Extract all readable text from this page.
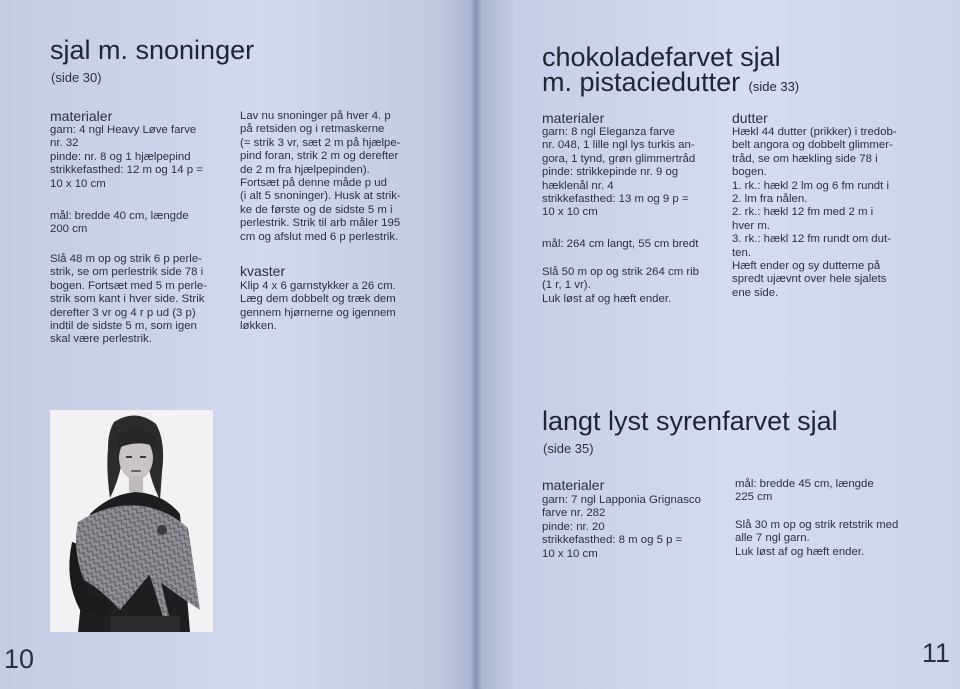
sjal m. snoninger
(side 30)
materialer
garn: 4 ngl Heavy Løve farve
nr. 32
pinde: nr. 8 og 1 hjælpepind
strikkefasthed: 12 m og 14 p =
10 x 10 cm
mål: bredde 40 cm, længde
200 cm
Slå 48 m op og strik 6 p perle-
strik, se om perlestrik side 78 i
bogen. Fortsæt med 5 m perle-
strik som kant i hver side. Strik
derefter 3 vr og 4 r p ud (3 p)
indtil de sidste 5 m, som igen
skal være perlestrik.
Lav nu snoninger på hver 4. p
på retsiden og i retmaskerne
(= strik 3 vr, sæt 2 m på hjælpe-
pind foran, strik 2 m og derefter
de 2 m fra hjælpepinden).
Fortsæt på denne måde p ud
(i alt 5 snoninger). Husk at strik-
ke de første og de sidste 5 m i
perlestrik. Strik til arb måler 195
cm og afslut med 6 p perlestrik.
kvaster
Klip 4 x 6 garnstykker a 26 cm.
Læg dem dobbelt og træk dem
gennem hjørnerne og igennem
løkken.
10
chokoladefarvet sjal
m. pistaciedutter (side 33)
materialer
garn: 8 ngl Eleganza farve
nr. 048, 1 lille ngl lys turkis an-
gora, 1 tynd, grøn glimmertråd
pinde: strikkepinde nr. 9 og
hæklenål nr. 4
strikkefasthed: 13 m og 9 p =
10 x 10 cm
mål: 264 cm langt, 55 cm bredt
Slå 50 m op og strik 264 cm rib
(1 r, 1 vr).
Luk løst af og hæft ender.
dutter
Hækl 44 dutter (prikker) i tredob-
belt angora og dobbelt glimmer-
tråd, se om hækling side 78 i
bogen.
1. rk.: hækl 2 lm og 6 fm rundt i
2. lm fra nålen.
2. rk.: hækl 12 fm med 2 m i
hver m.
3. rk.: hækl 12 fm rundt om dut-
ten.
Hæft ender og sy dutterne på
spredt ujævnt over hele sjalets
ene side.
langt lyst syrenfarvet sjal
(side 35)
materialer
garn: 7 ngl Lapponia Grignasco
farve nr. 282
pinde: nr. 20
strikkefasthed: 8 m og 5 p =
10 x 10 cm
mål: bredde 45 cm, længde
225 cm
Slå 30 m op og strik retstrik med
alle 7 ngl garn.
Luk løst af og hæft ender.
11
